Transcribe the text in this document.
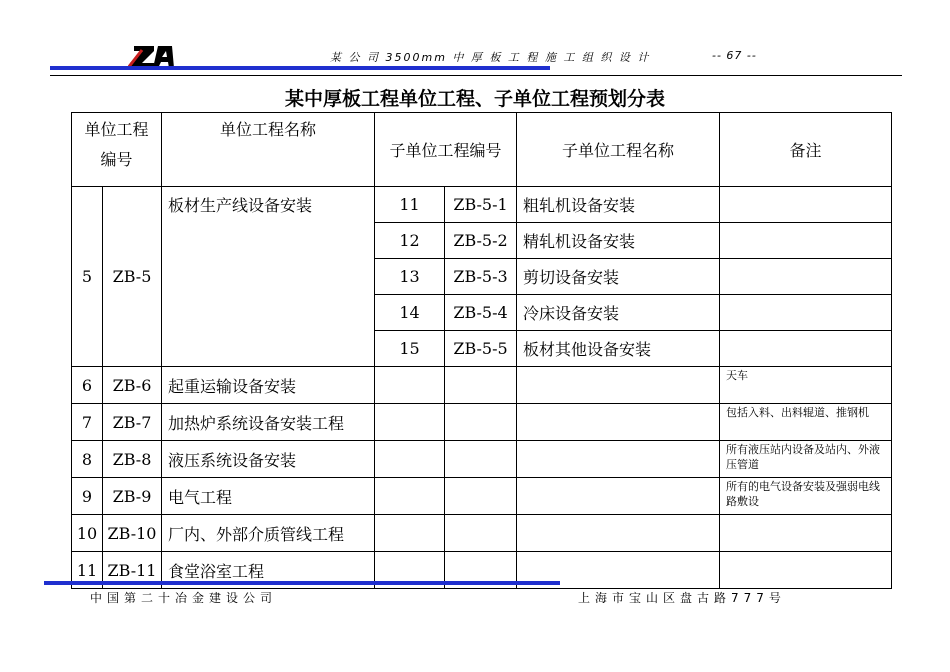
某 公 司 3500mm 中 厚 板 工 程 施 工 组 织 设 计	-- 67 --
某中厚板工程单位工程、子单位工程预划分表
单位工程
编号		单位工程名称	子单位工程编号		子单位工程名称	备注
5	ZB-5	板材生产线设备安装	11	ZB-5-1	粗轧机设备安装	
			12	ZB-5-2	精轧机设备安装	
			13	ZB-5-3	剪切设备安装	
			14	ZB-5-4	冷床设备安装	
			15	ZB-5-5	板材其他设备安装	
6	ZB-6	起重运输设备安装				天车
7	ZB-7	加热炉系统设备安装工程				包括入料、出料辊道、推钢机
8	ZB-8	液压系统设备安装				所有液压站内设备及站内、外液压管道
9	ZB-9	电气工程				所有的电气设备安装及强弱电线路敷设
10	ZB-10	厂内、外部介质管线工程				
11	ZB-11	食堂浴室工程				
中国第二十冶金建设公司	上海市宝山区盘古路777号
